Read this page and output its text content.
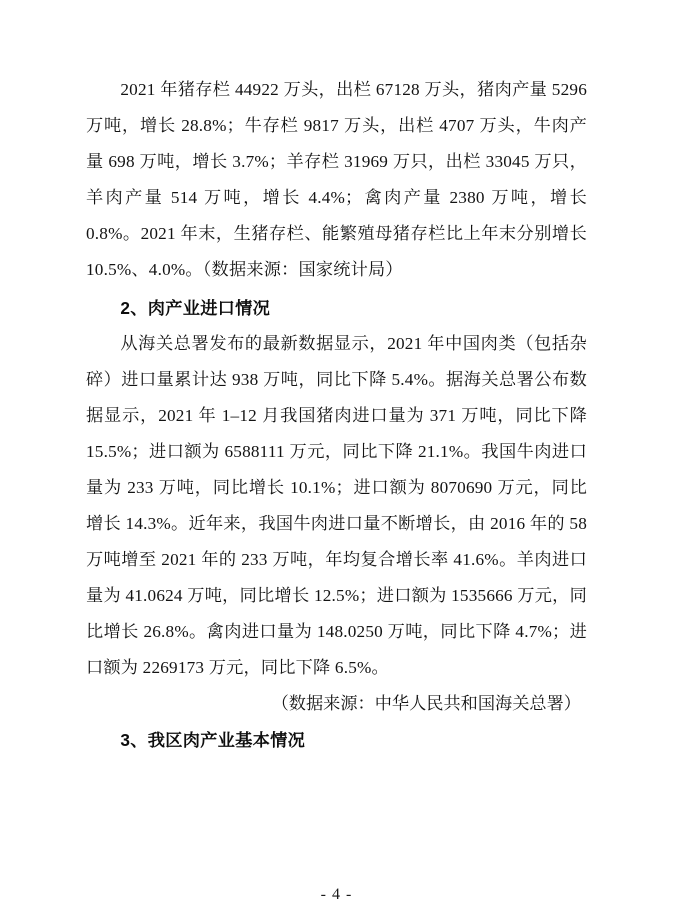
2021 年猪存栏 44922 万头，出栏 67128 万头，猪肉产量 5296 万吨，增长 28.8%；牛存栏 9817 万头，出栏 4707 万头，牛肉产量 698 万吨，增长 3.7%；羊存栏 31969 万只，出栏 33045 万只，羊肉产量 514 万吨，增长 4.4%；禽肉产量 2380 万吨，增长 0.8%。2021 年末，生猪存栏、能繁殖母猪存栏比上年末分别增长 10.5%、4.0%。（数据来源：国家统计局）

2、肉产业进口情况

从海关总署发布的最新数据显示，2021 年中国肉类（包括杂碎）进口量累计达 938 万吨，同比下降 5.4%。据海关总署公布数据显示，2021 年 1–12 月我国猪肉进口量为 371 万吨，同比下降 15.5%；进口额为 6588111 万元，同比下降 21.1%。我国牛肉进口量为 233 万吨，同比增长 10.1%；进口额为 8070690 万元，同比增长 14.3%。近年来，我国牛肉进口量不断增长，由 2016 年的 58 万吨增至 2021 年的 233 万吨，年均复合增长率 41.6%。羊肉进口量为 41.0624 万吨，同比增长 12.5%；进口额为 1535666 万元，同比增长 26.8%。禽肉进口量为 148.0250 万吨，同比下降 4.7%；进口额为 2269173 万元，同比下降 6.5%。

（数据来源：中华人民共和国海关总署）

3、我区肉产业基本情况

- 4 -
